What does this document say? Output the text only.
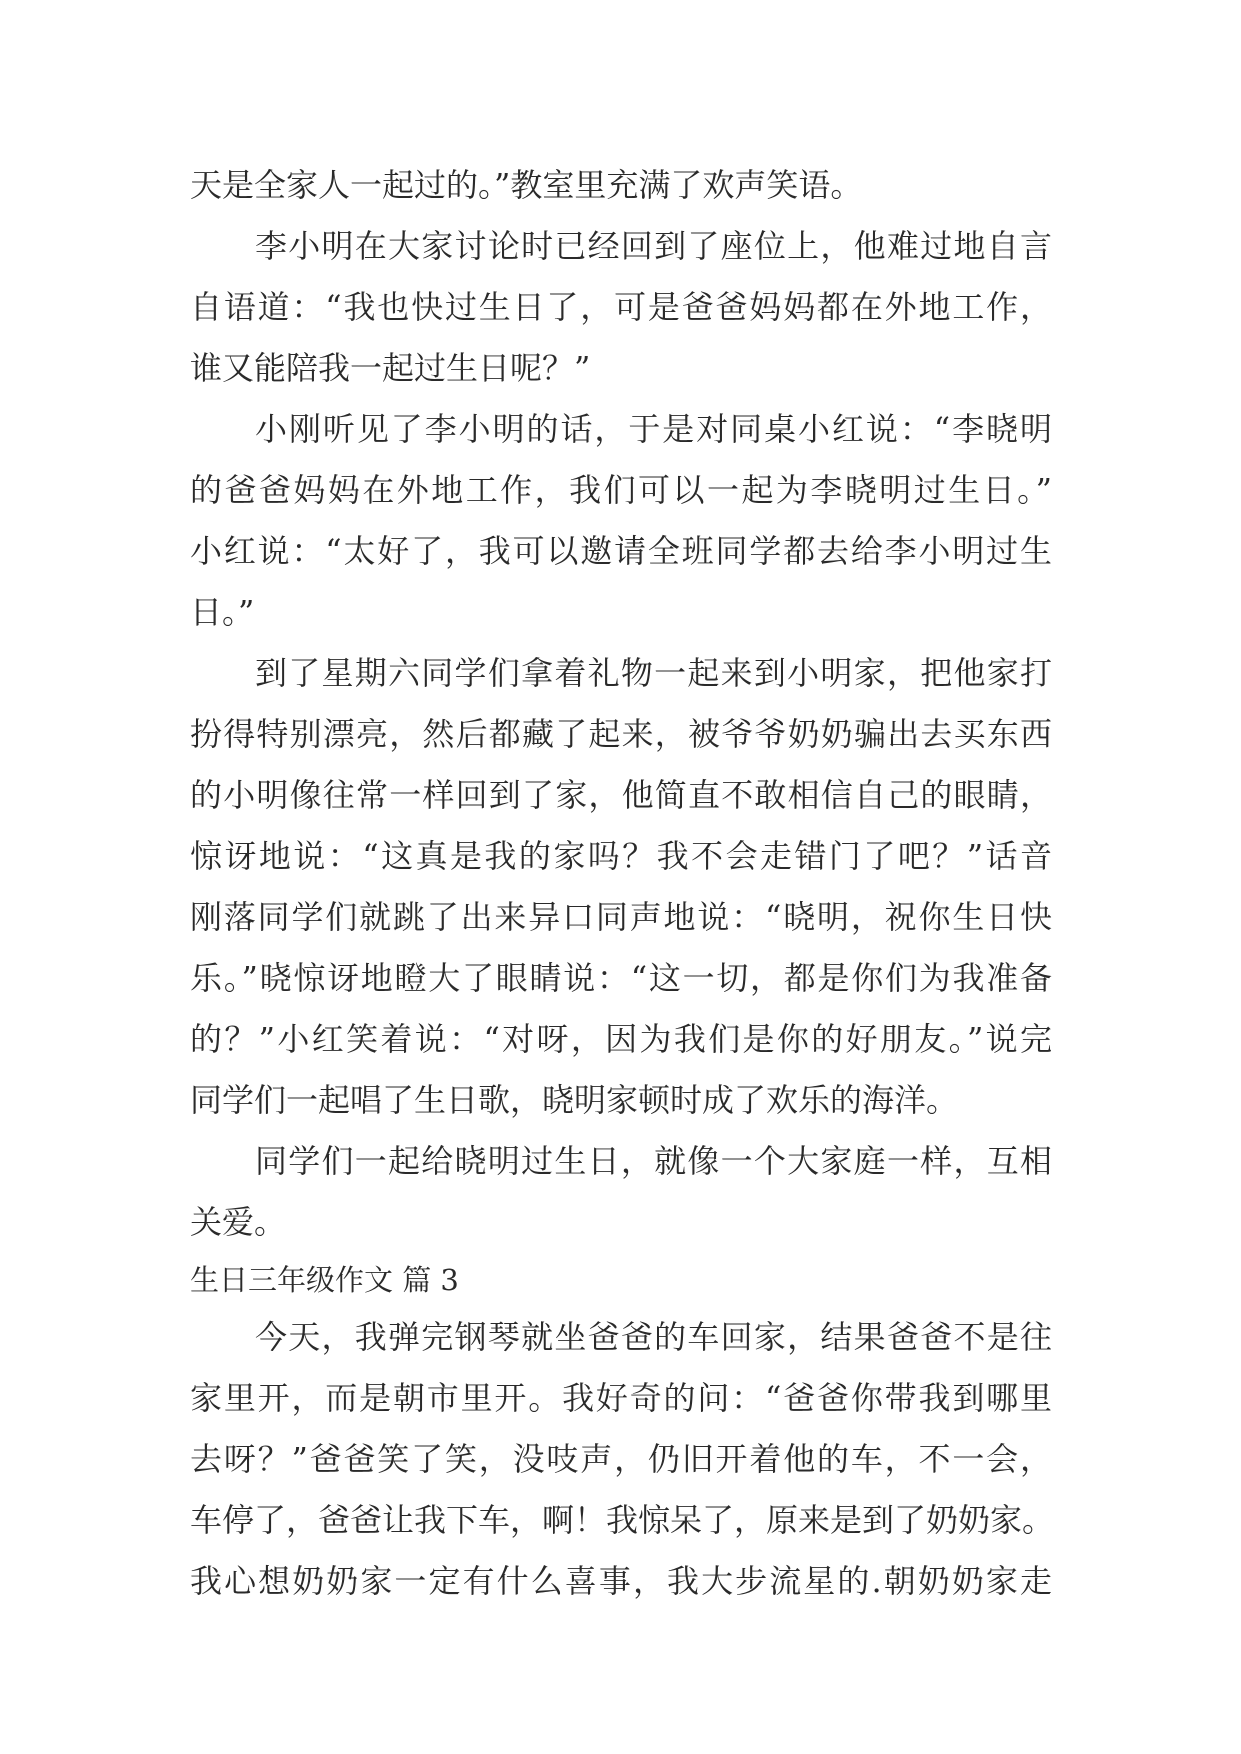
天是全家人一起过的。”教室里充满了欢声笑语。
李小明在大家讨论时已经回到了座位上，他难过地自言
自语道：“我也快过生日了，可是爸爸妈妈都在外地工作，
谁又能陪我一起过生日呢？”
小刚听见了李小明的话，于是对同桌小红说：“李晓明
的爸爸妈妈在外地工作，我们可以一起为李晓明过生日。”
小红说：“太好了，我可以邀请全班同学都去给李小明过生
日。”
到了星期六同学们拿着礼物一起来到小明家，把他家打
扮得特别漂亮，然后都藏了起来，被爷爷奶奶骗出去买东西
的小明像往常一样回到了家，他简直不敢相信自己的眼睛，
惊讶地说：“这真是我的家吗？我不会走错门了吧？”话音
刚落同学们就跳了出来异口同声地说：“晓明，祝你生日快
乐。”晓惊讶地瞪大了眼睛说：“这一切，都是你们为我准备
的？”小红笑着说：“对呀，因为我们是你的好朋友。”说完
同学们一起唱了生日歌，晓明家顿时成了欢乐的海洋。
同学们一起给晓明过生日，就像一个大家庭一样，互相
关爱。
生日三年级作文 篇 3
今天，我弹完钢琴就坐爸爸的车回家，结果爸爸不是往
家里开，而是朝市里开。我好奇的问：“爸爸你带我到哪里
去呀？”爸爸笑了笑，没吱声，仍旧开着他的车，不一会，
车停了，爸爸让我下车，啊！我惊呆了，原来是到了奶奶家。
我心想奶奶家一定有什么喜事，我大步流星的.朝奶奶家走
